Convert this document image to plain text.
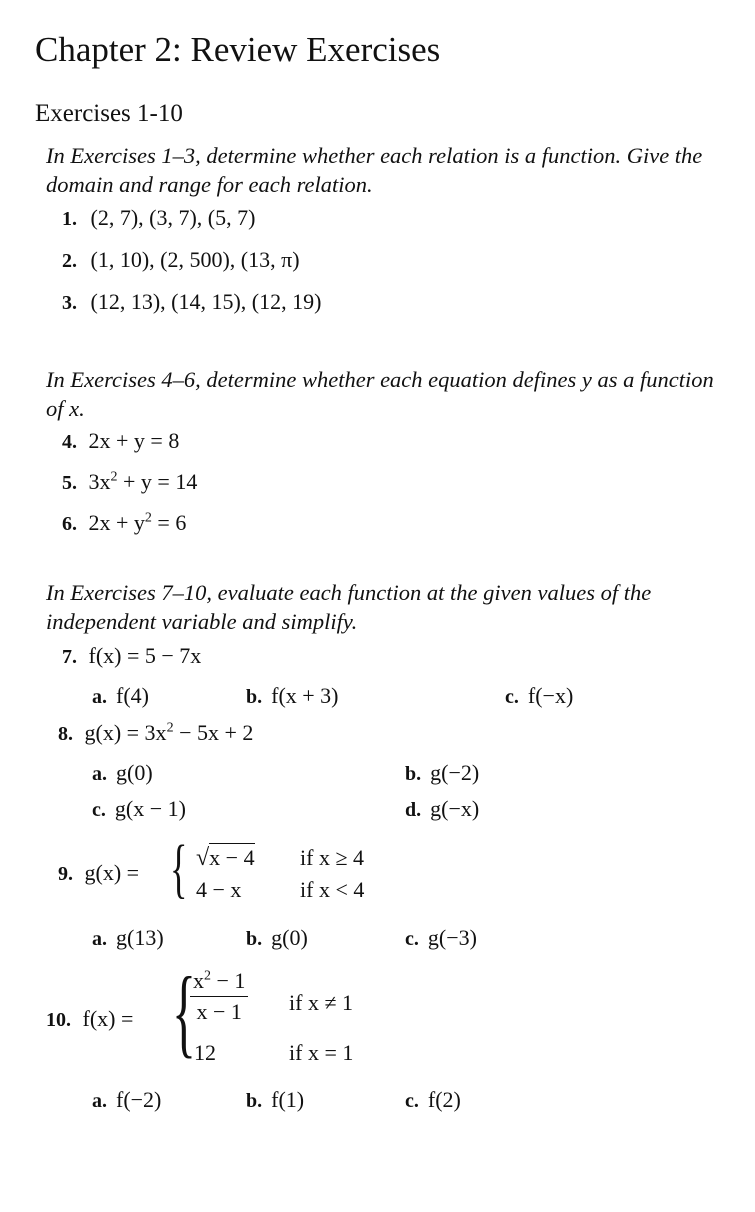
Chapter 2: Review Exercises
Exercises 1-10
In Exercises 1–3, determine whether each relation is a function. Give the domain and range for each relation.
1. (2, 7), (3, 7), (5, 7)
2. (1, 10), (2, 500), (13, π)
3. (12, 13), (14, 15), (12, 19)
In Exercises 4–6, determine whether each equation defines y as a function of x.
4. 2x + y = 8
5. $3x^2 + y = 14$
6. $2x + y^2 = 6$
In Exercises 7–10, evaluate each function at the given values of the independent variable and simplify.
7. f(x) = 5 − 7x
a. f(4)	b. f(x + 3)	c. f(−x)
8. $g(x) = 3x^2 - 5x + 2$
a. g(0)	b. g(−2)
c. g(x − 1)	d. g(−x)
9. g(x) = { √x − 4 if x ≥ 4
4 − x	if x < 4
a. g(13)	b. g(0)	c. g(−3)
10. f(x) = {
$\frac{x^2 - 1}{x - 1}$ if x ≠ 1
12	if x = 1
a. f(−2)	b. f(1)	c. f(2)
